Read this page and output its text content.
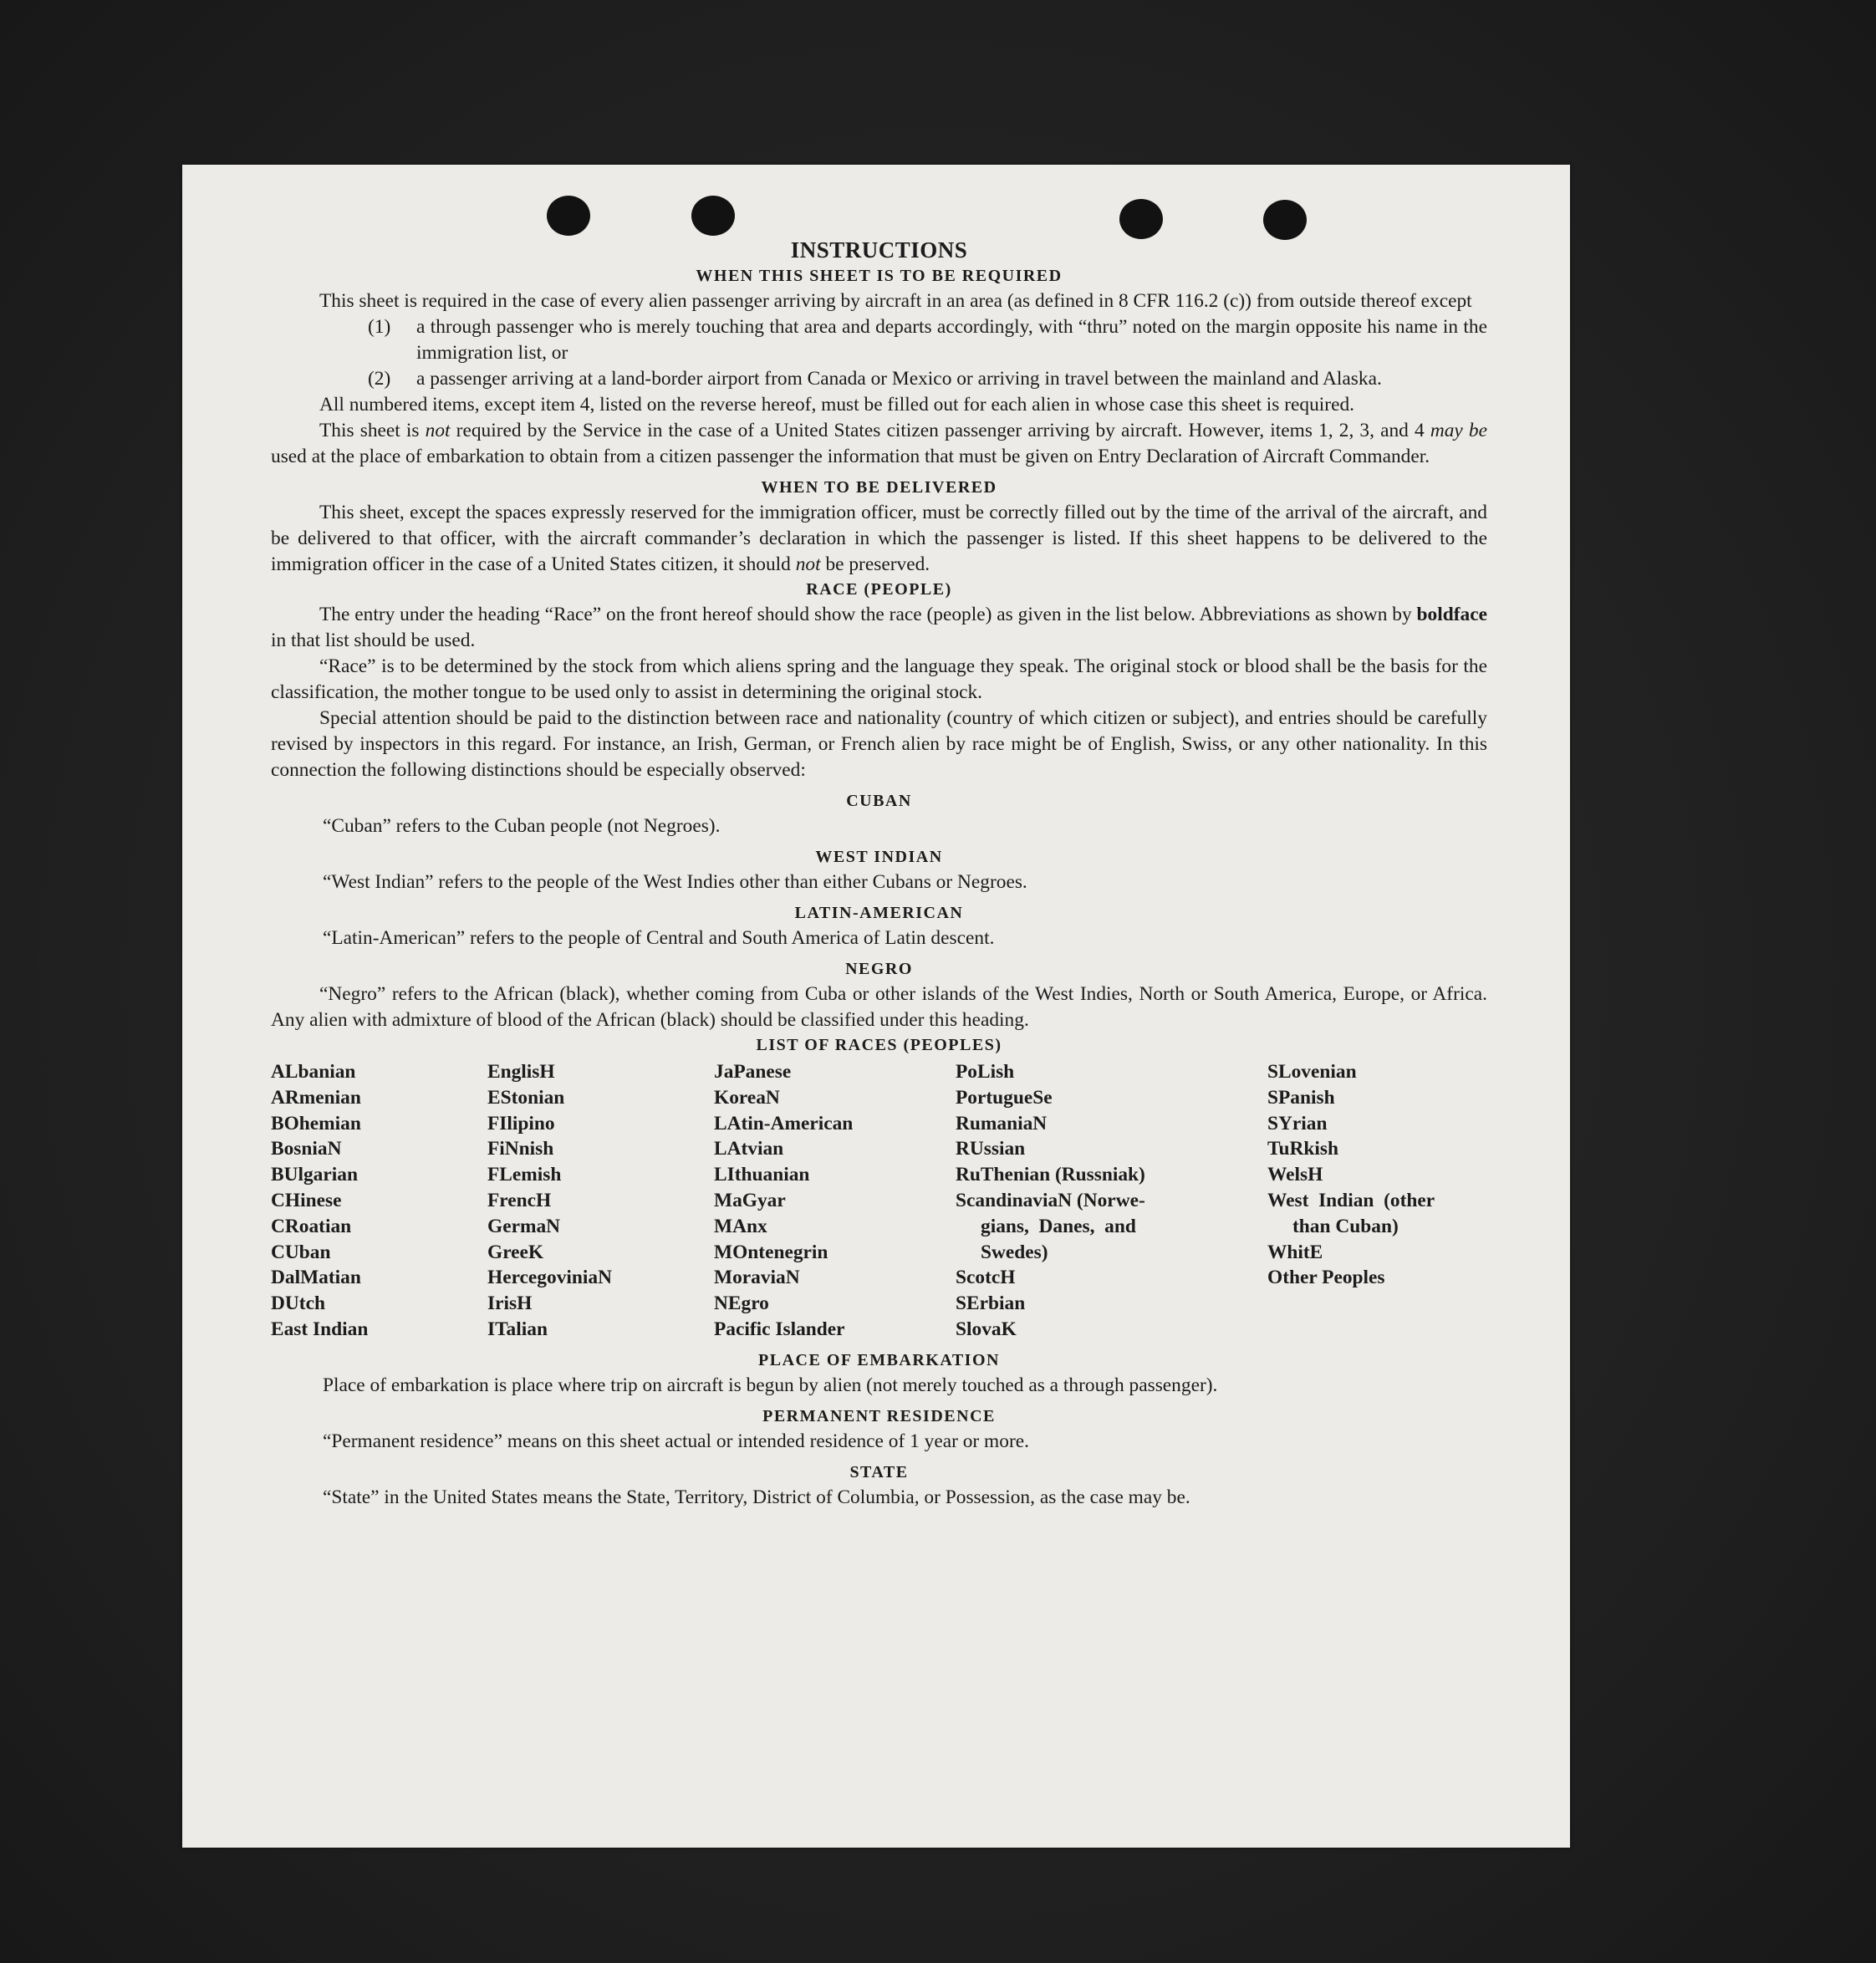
INSTRUCTIONS
WHEN THIS SHEET IS TO BE REQUIRED

This sheet is required in the case of every alien passenger arriving by aircraft in an area (as defined in 8 CFR 116.2 (c)) from outside thereof except

(1) a through passenger who is merely touching that area and departs accordingly, with “thru” noted on the margin opposite his name in the immigration list, or
(2) a passenger arriving at a land-border airport from Canada or Mexico or arriving in travel between the mainland and Alaska.

All numbered items, except item 4, listed on the reverse hereof, must be filled out for each alien in whose case this sheet is required.

This sheet is not required by the Service in the case of a United States citizen passenger arriving by aircraft. However, items 1, 2, 3, and 4 may be used at the place of embarkation to obtain from a citizen passenger the information that must be given on Entry Declaration of Aircraft Commander.

WHEN TO BE DELIVERED

This sheet, except the spaces expressly reserved for the immigration officer, must be correctly filled out by the time of the arrival of the aircraft, and be delivered to that officer, with the aircraft commander’s declaration in which the passenger is listed. If this sheet happens to be delivered to the immigration officer in the case of a United States citizen, it should not be preserved.

RACE (PEOPLE)

The entry under the heading “Race” on the front hereof should show the race (people) as given in the list below. Abbreviations as shown by boldface in that list should be used.

“Race” is to be determined by the stock from which aliens spring and the language they speak. The original stock or blood shall be the basis for the classification, the mother tongue to be used only to assist in determining the original stock.

Special attention should be paid to the distinction between race and nationality (country of which citizen or subject), and entries should be carefully revised by inspectors in this regard. For instance, an Irish, German, or French alien by race might be of English, Swiss, or any other nationality. In this connection the following distinctions should be especially observed:

CUBAN

“Cuban” refers to the Cuban people (not Negroes).

WEST INDIAN

“West Indian” refers to the people of the West Indies other than either Cubans or Negroes.

LATIN-AMERICAN

“Latin-American” refers to the people of Central and South America of Latin descent.

NEGRO

“Negro” refers to the African (black), whether coming from Cuba or other islands of the West Indies, North or South America, Europe, or Africa. Any alien with admixture of blood of the African (black) should be classified under this heading.

LIST OF RACES (PEOPLES)
ALbanian
ARmenian
BOhemian
BosniaN
BUlgarian
CHinese
CRoatian
CUban
DalMatian
DUtch
East Indian
EnglisH
EStonian
FIlipino
FiNnish
FLemish
FrencH
GermaN
GreeK
HercegoviniaN
IrisH
ITalian
JaPanese
KoreaN
LAtin-American
LAtvian
LIthuanian
MaGyar
MAnx
MOntenegrin
MoraviaN
NEgro
Pacific Islander
PoLish
PortugueSe
RumaniaN
RUssian
RuThenian (Russniak)
ScandinaviaN (Norwe-
gians,  Danes,  and
Swedes)
ScotcH
SErbian
SlovaK
SLovenian
SPanish
SYrian
TuRkish
WelsH
West  Indian  (other
than Cuban)
WhitE
Other Peoples
PLACE OF EMBARKATION

Place of embarkation is place where trip on aircraft is begun by alien (not merely touched as a through passenger).

PERMANENT RESIDENCE

“Permanent residence” means on this sheet actual or intended residence of 1 year or more.

STATE

“State” in the United States means the State, Territory, District of Columbia, or Possession, as the case may be.
